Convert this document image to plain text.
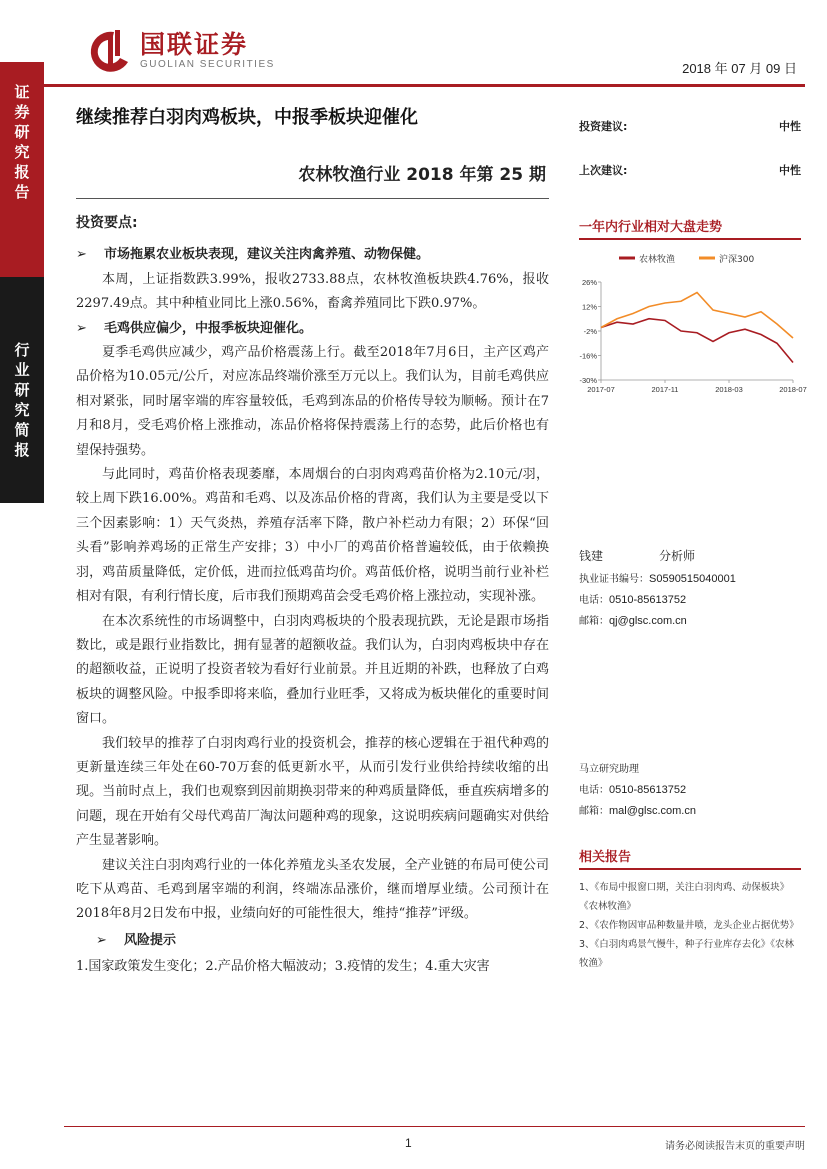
证券研究报告
行业研究简报
国联证券
GUOLIAN SECURITIES	2018 年 07 月 09 日
继续推荐白羽肉鸡板块，中报季板块迎催化
农林牧渔行业 2018 年第 25 期
投资建议:	中性
上次建议:	中性
一年内行业相对大盘走势
农林牧渔	沪深300
26%
12%
-2%
-16%
-30%
2017-07	2017-11	2018-03	2018-07
钱建	分析师
执业证书编号：S0590515040001
电话：0510-85613752
邮箱：qj@glsc.com.cn
马立研究助理
电话：0510-85613752
邮箱：mal@glsc.com.cn
相关报告
1、《布局中报窗口期，关注白羽肉鸡、动保板块》《农林牧渔》
2、《农作物因审品种数量井喷，龙头企业占据优势》
3、《白羽肉鸡景气慢牛，种子行业库存去化》《农林牧渔》
投资要点:
➢	市场拖累农业板块表现，建议关注肉禽养殖、动物保健。

本周，上证指数跌3.99%，报收2733.88点，农林牧渔板块跌4.76%，报收2297.49点。其中种植业同比上涨0.56%，畜禽养殖同比下跌0.97%。

➢	毛鸡供应偏少，中报季板块迎催化。

夏季毛鸡供应减少，鸡产品价格震荡上行。截至2018年7月6日，主产区鸡产品价格为10.05元/公斤，对应冻品终端价涨至万元以上。我们认为，目前毛鸡供应相对紧张，同时屠宰端的库容量较低，毛鸡到冻品的价格传导较为顺畅。预计在7月和8月，受毛鸡价格上涨推动，冻品价格将保持震荡上行的态势，此后价格也有望保持强势。

与此同时，鸡苗价格表现萎靡，本周烟台的白羽肉鸡鸡苗价格为2.10元/羽，较上周下跌16.00%。鸡苗和毛鸡、以及冻品价格的背离，我们认为主要是受以下三个因素影响：1）天气炎热，养殖存活率下降，散户补栏动力有限；2）环保“回头看”影响养鸡场的正常生产安排；3）中小厂的鸡苗价格普遍较低，由于依赖换羽，鸡苗质量降低，定价低，进而拉低鸡苗均价。鸡苗低价格，说明当前行业补栏相对有限，有利行情长度，后市我们预期鸡苗会受毛鸡价格上涨拉动，实现补涨。

在本次系统性的市场调整中，白羽肉鸡板块的个股表现抗跌，无论是跟市场指数比，或是跟行业指数比，拥有显著的超额收益。我们认为，白羽肉鸡板块中存在的超额收益，正说明了投资者较为看好行业前景。并且近期的补跌，也释放了白鸡板块的调整风险。中报季即将来临，叠加行业旺季，又将成为板块催化的重要时间窗口。

我们较早的推荐了白羽肉鸡行业的投资机会，推荐的核心逻辑在于祖代种鸡的更新量连续三年处在60-70万套的低更新水平，从而引发行业供给持续收缩的出现。当前时点上，我们也观察到因前期换羽带来的种鸡质量降低，垂直疾病增多的问题，现在开始有父母代鸡苗厂淘汰问题种鸡的现象，这说明疾病问题确实对供给产生显著影响。

建议关注白羽肉鸡行业的一体化养殖龙头圣农发展，全产业链的布局可使公司吃下从鸡苗、毛鸡到屠宰端的利润，终端冻品涨价，继而增厚业绩。公司预计在2018年8月2日发布中报，业绩向好的可能性很大，维持“推荐”评级。

➢	风险提示

1.国家政策发生变化；2.产品价格大幅波动；3.疫情的发生；4.重大灾害

1	请务必阅读报告末页的重要声明
